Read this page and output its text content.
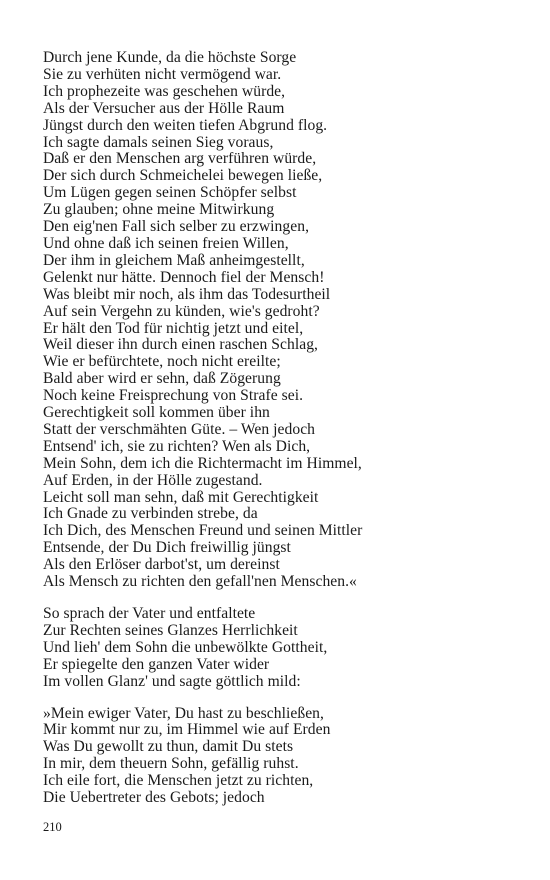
Durch jene Kunde, da die höchste Sorge
Sie zu verhüten nicht vermögend war.
Ich prophezeite was geschehen würde,
Als der Versucher aus der Hölle Raum
Jüngst durch den weiten tiefen Abgrund flog.
Ich sagte damals seinen Sieg voraus,
Daß er den Menschen arg verführen würde,
Der sich durch Schmeichelei bewegen ließe,
Um Lügen gegen seinen Schöpfer selbst
Zu glauben; ohne meine Mitwirkung
Den eig'nen Fall sich selber zu erzwingen,
Und ohne daß ich seinen freien Willen,
Der ihm in gleichem Maß anheimgestellt,
Gelenkt nur hätte. Dennoch fiel der Mensch!
Was bleibt mir noch, als ihm das Todesurtheil
Auf sein Vergehn zu künden, wie's gedroht?
Er hält den Tod für nichtig jetzt und eitel,
Weil dieser ihn durch einen raschen Schlag,
Wie er befürchtete, noch nicht ereilte;
Bald aber wird er sehn, daß Zögerung
Noch keine Freisprechung von Strafe sei.
Gerechtigkeit soll kommen über ihn
Statt der verschmähten Güte. – Wen jedoch
Entsend' ich, sie zu richten? Wen als Dich,
Mein Sohn, dem ich die Richtermacht im Himmel,
Auf Erden, in der Hölle zugestand.
Leicht soll man sehn, daß mit Gerechtigkeit
Ich Gnade zu verbinden strebe, da
Ich Dich, des Menschen Freund und seinen Mittler
Entsende, der Du Dich freiwillig jüngst
Als den Erlöser darbot'st, um dereinst
Als Mensch zu richten den gefall'nen Menschen.«
So sprach der Vater und entfaltete
Zur Rechten seines Glanzes Herrlichkeit
Und lieh' dem Sohn die unbewölkte Gottheit,
Er spiegelte den ganzen Vater wider
Im vollen Glanz' und sagte göttlich mild:
»Mein ewiger Vater, Du hast zu beschließen,
Mir kommt nur zu, im Himmel wie auf Erden
Was Du gewollt zu thun, damit Du stets
In mir, dem theuern Sohn, gefällig ruhst.
Ich eile fort, die Menschen jetzt zu richten,
Die Uebertreter des Gebots; jedoch
210
